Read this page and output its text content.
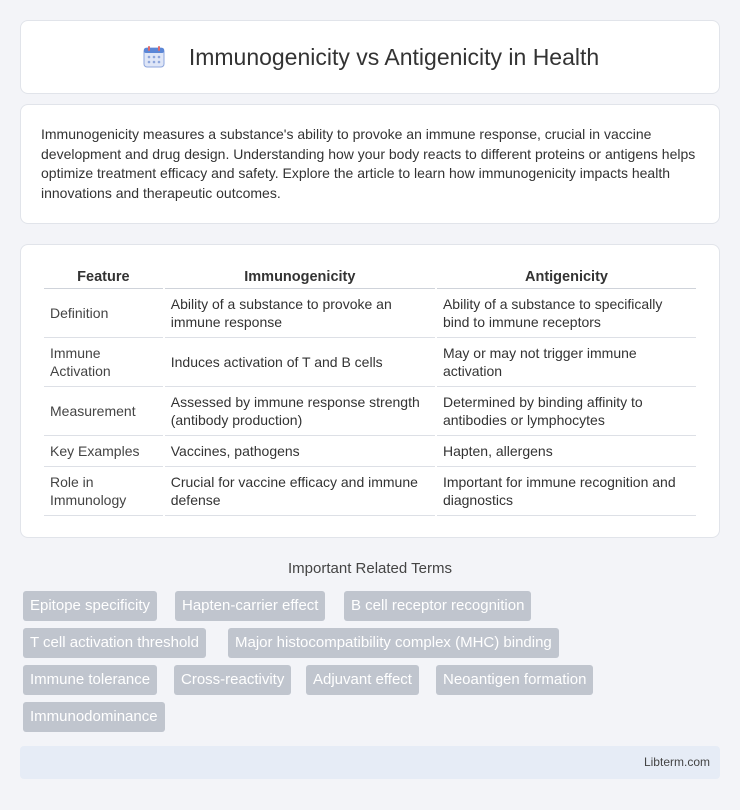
Immunogenicity vs Antigenicity in Health

Immunogenicity measures a substance's ability to provoke an immune response, crucial in vaccine development and drug design. Understanding how your body reacts to different proteins or antigens helps optimize treatment efficacy and safety. Explore the article to learn how immunogenicity impacts health innovations and therapeutic outcomes.

Feature	Immunogenicity	Antigenicity
Definition	Ability of a substance to provoke an immune response	Ability of a substance to specifically bind to immune receptors
Immune Activation	Induces activation of T and B cells	May or may not trigger immune activation
Measurement	Assessed by immune response strength (antibody production)	Determined by binding affinity to antibodies or lymphocytes
Key Examples	Vaccines, pathogens	Hapten, allergens
Role in Immunology	Crucial for vaccine efficacy and immune defense	Important for immune recognition and diagnostics
Important Related Terms
Epitope specificity	Hapten-carrier effect	B cell receptor recognition
T cell activation threshold	Major histocompatibility complex (MHC) binding
Immune tolerance	Cross-reactivity	Adjuvant effect	Neoantigen formation
Immunodominance
Libterm.com
